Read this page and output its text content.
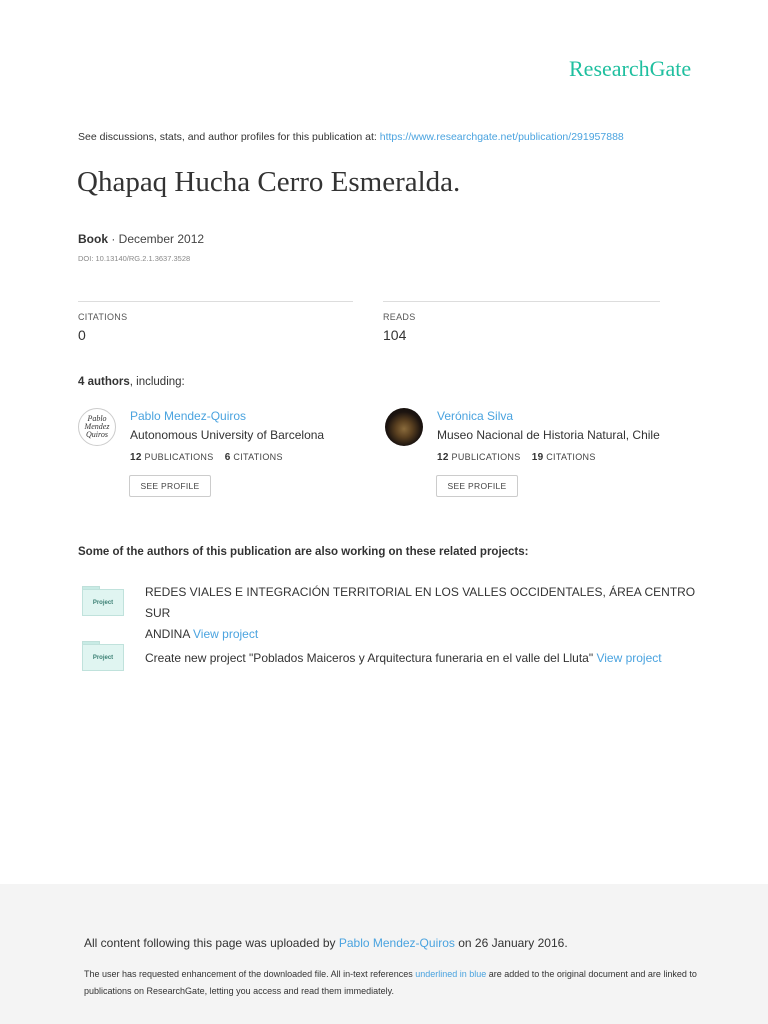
ResearchGate
See discussions, stats, and author profiles for this publication at: https://www.researchgate.net/publication/291957888
Qhapaq Hucha Cerro Esmeralda.
Book · December 2012
DOI: 10.13140/RG.2.1.3637.3528
CITATIONS
0
READS
104
4 authors, including:
Pablo Mendez Quiros
Pablo Mendez-Quiros
Autonomous University of Barcelona
12 PUBLICATIONS 6 CITATIONS
SEE PROFILE
Verónica Silva
Museo Nacional de Historia Natural, Chile
12 PUBLICATIONS 19 CITATIONS
SEE PROFILE
Some of the authors of this publication are also working on these related projects:
Project
REDES VIALES E INTEGRACIÓN TERRITORIAL EN LOS VALLES OCCIDENTALES, ÁREA CENTRO SUR
ANDINA View project
Project	Create new project "Poblados Maiceros y Arquitectura funeraria en el valle del Lluta" View project
All content following this page was uploaded by Pablo Mendez-Quiros on 26 January 2016.
The user has requested enhancement of the downloaded file. All in-text references underlined in blue are added to the original document and are linked to publications on ResearchGate, letting you access and read them immediately.
